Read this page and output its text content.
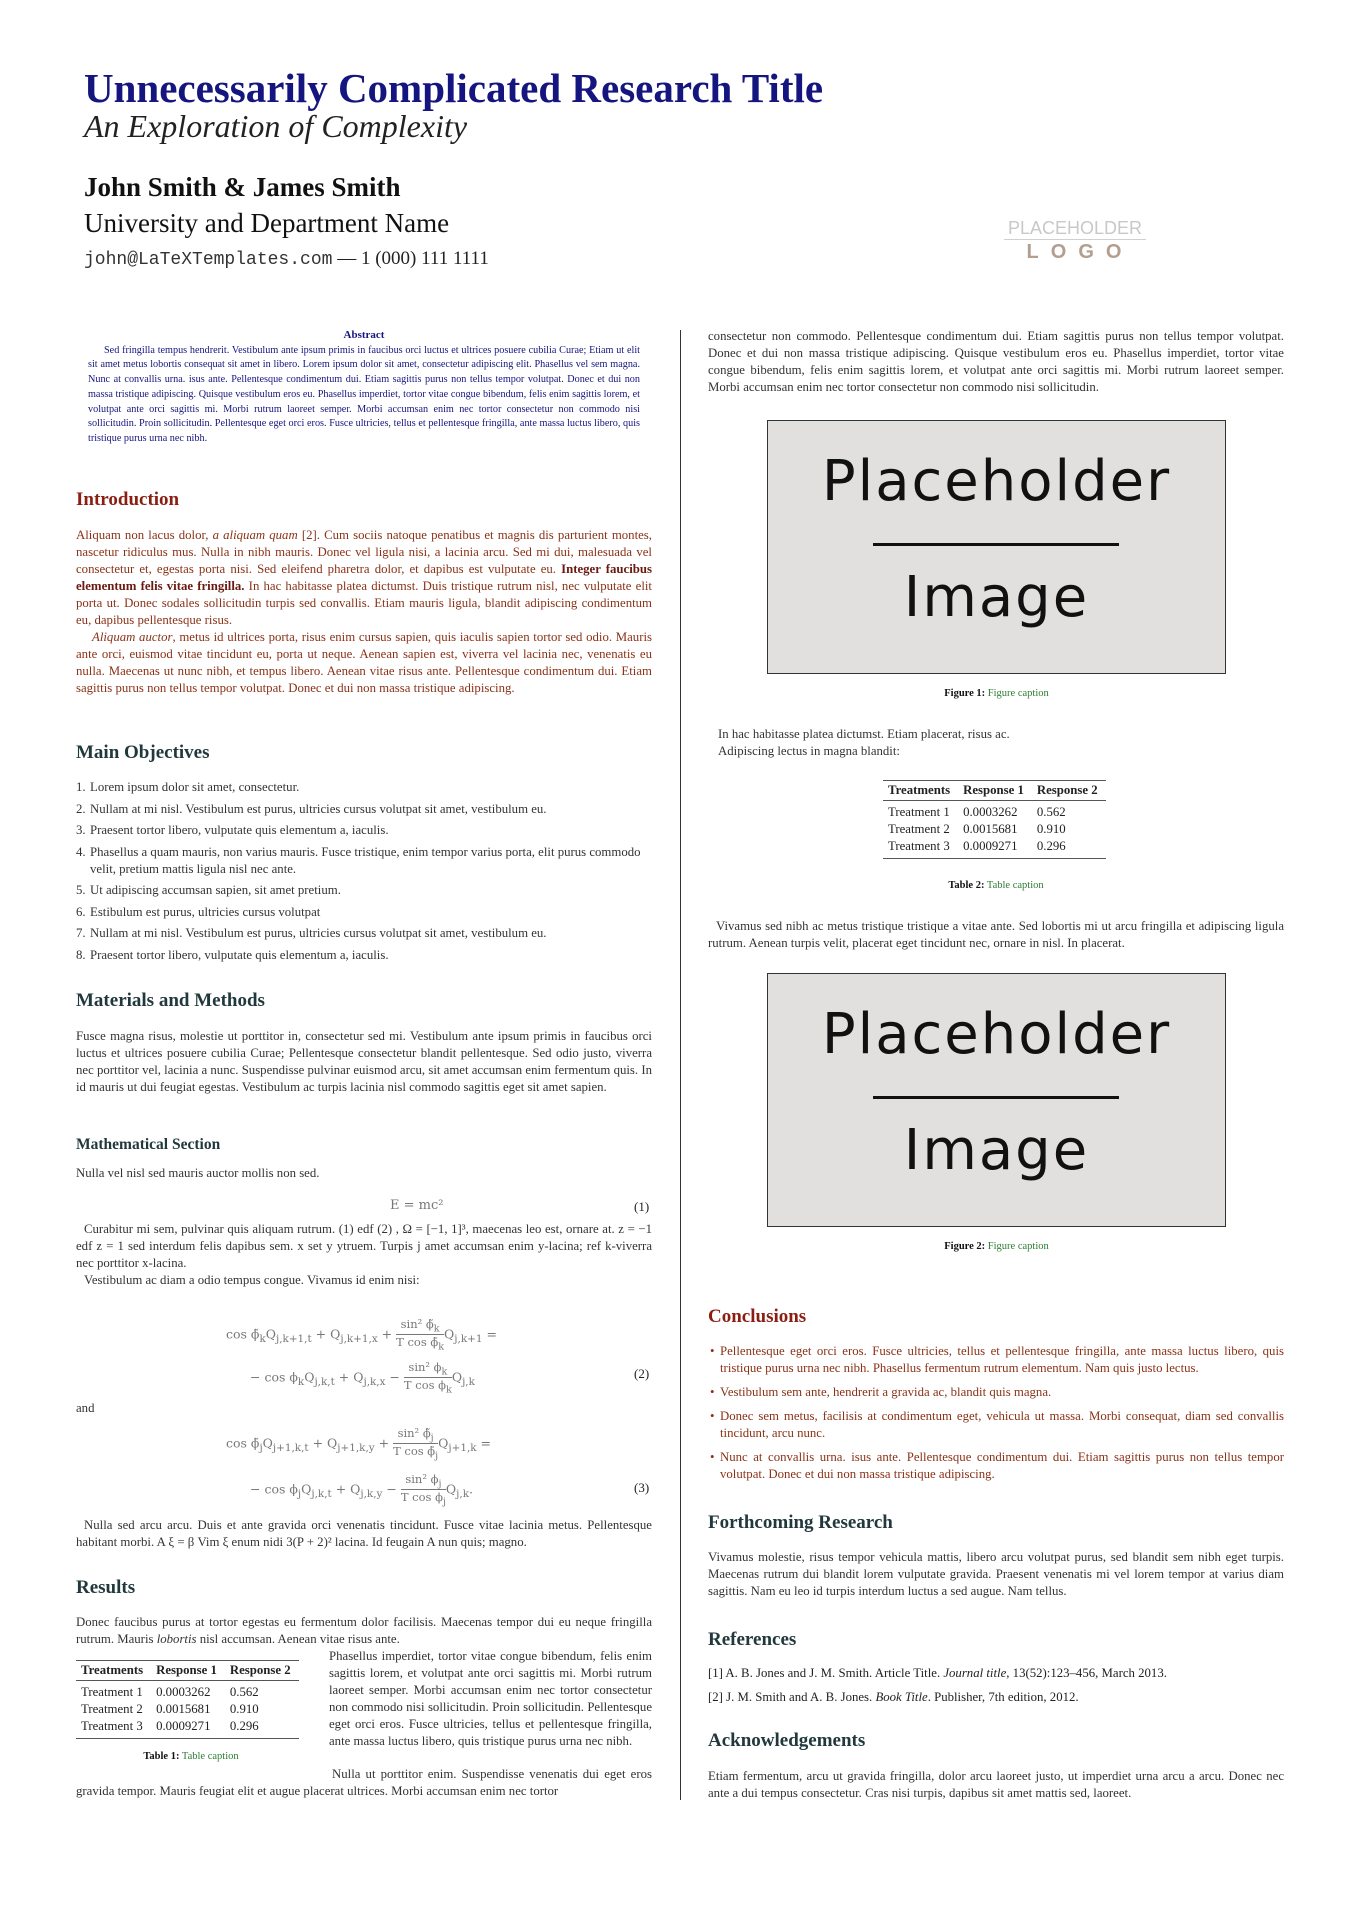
Unnecessarily Complicated Research Title
An Exploration of Complexity
John Smith & James Smith
University and Department Name
john@LaTeXTemplates.com — 1 (000) 111 1111
PLACEHOLDER
LOGO
Abstract

Sed fringilla tempus hendrerit. Vestibulum ante ipsum primis in faucibus orci luctus et ultrices posuere cubilia Curae; Etiam ut elit sit amet metus lobortis consequat sit amet in libero. Lorem ipsum dolor sit amet, consectetur adipiscing elit. Phasellus vel sem magna. Nunc at convallis urna. isus ante. Pellentesque condimentum dui. Etiam sagittis purus non tellus tempor volutpat. Donec et dui non massa tristique adipiscing. Quisque vestibulum eros eu. Phasellus imperdiet, tortor vitae congue bibendum, felis enim sagittis lorem, et volutpat ante orci sagittis mi. Morbi rutrum laoreet semper. Morbi accumsan enim nec tortor consectetur non commodo nisi sollicitudin. Proin sollicitudin. Pellentesque eget orci eros. Fusce ultricies, tellus et pellentesque fringilla, ante massa luctus libero, quis tristique purus urna nec nibh.

Introduction

Aliquam non lacus dolor, a aliquam quam [2]. Cum sociis natoque penatibus et magnis dis parturient montes, nascetur ridiculus mus. Nulla in nibh mauris. Donec vel ligula nisi, a lacinia arcu. Sed mi dui, malesuada vel consectetur et, egestas porta nisi. Sed eleifend pharetra dolor, et dapibus est vulputate eu. Integer faucibus elementum felis vitae fringilla. In hac habitasse platea dictumst. Duis tristique rutrum nisl, nec vulputate elit porta ut. Donec sodales sollicitudin turpis sed convallis. Etiam mauris ligula, blandit adipiscing condimentum eu, dapibus pellentesque risus.

Aliquam auctor, metus id ultrices porta, risus enim cursus sapien, quis iaculis sapien tortor sed odio. Mauris ante orci, euismod vitae tincidunt eu, porta ut neque. Aenean sapien est, viverra vel lacinia nec, venenatis eu nulla. Maecenas ut nunc nibh, et tempus libero. Aenean vitae risus ante. Pellentesque condimentum dui. Etiam sagittis purus non tellus tempor volutpat. Donec et dui non massa tristique adipiscing.

Main Objectives
1. Lorem ipsum dolor sit amet, consectetur.
2. Nullam at mi nisl. Vestibulum est purus, ultricies cursus volutpat sit amet, vestibulum eu.
3. Praesent tortor libero, vulputate quis elementum a, iaculis.
4. Phasellus a quam mauris, non varius mauris. Fusce tristique, enim tempor varius porta, elit purus commodo velit, pretium mattis ligula nisl nec ante.
5. Ut adipiscing accumsan sapien, sit amet pretium.
6. Estibulum est purus, ultricies cursus volutpat
7. Nullam at mi nisl. Vestibulum est purus, ultricies cursus volutpat sit amet, vestibulum eu.
8. Praesent tortor libero, vulputate quis elementum a, iaculis.
Materials and Methods

Fusce magna risus, molestie ut porttitor in, consectetur sed mi. Vestibulum ante ipsum primis in faucibus orci luctus et ultrices posuere cubilia Curae; Pellentesque consectetur blandit pellentesque. Sed odio justo, viverra nec porttitor vel, lacinia a nunc. Suspendisse pulvinar euismod arcu, sit amet accumsan enim fermentum quis. In id mauris ut dui feugiat egestas. Vestibulum ac turpis lacinia nisl commodo sagittis eget sit amet sapien.

Mathematical Section

Nulla vel nisl sed mauris auctor mollis non sed.

E = mc²	(1)

Curabitur mi sem, pulvinar quis aliquam rutrum. (1) edf (2) , Ω = [−1, 1]³, maecenas leo est, ornare at. z = −1 edf z = 1 sed interdum felis dapibus sem. x set y ytruem. Turpis j amet accumsan enim y-lacina; ref k-viverra nec porttitor x-lacina.

Vestibulum ac diam a odio tempus congue. Vivamus id enim nisi:

$\cos \phĩ_kQ_{j,k+1,t} + Q_{j,k+1,x} + \frac{\sin^2 \phĩ_k}{T \cos \phĩ_k} Q_{j,k+1}$ =
− $\cos \phi_kQ_{j,k,t} + Q_{j,k,x} - \frac{\sin^2 \phi_k}{T \cos \phi_k} Q_{j,k}$
(2)
and
$\cos \phĩ_jQ_{j+1,k,t} + Q_{j+1,k,y} + \frac{\sin^2 \phĩ_j}{T \cos \phĩ_j} Q_{j+1,k}$ =
− $\cos \phi_jQ_{j,k,t} + Q_{j,k,y} - \frac{\sin^2 \phi_j}{T \cos \phi_j} Q_{j,k}$.	(3)

Nulla sed arcu arcu. Duis et ante gravida orci venenatis tincidunt. Fusce vitae lacinia metus. Pellentesque habitant morbi. A ξ = β Vim ξ enum nidi 3(P + 2)² lacina. Id feugain A nun quis; magno.

Results

Donec faucibus purus at tortor egestas eu fermentum dolor facilisis. Maecenas tempor dui eu neque fringilla rutrum. Mauris lobortis nisl accumsan. Aenean vitae risus ante.

Treatments	Response 1	Response 2
Treatment 1	0.0003262	0.562
Treatment 2	0.0015681	0.910
Treatment 3	0.0009271	0.296
Table 1: Table caption

Phasellus imperdiet, tortor vitae congue bibendum, felis enim sagittis lorem, et volutpat ante orci sagittis mi. Morbi rutrum laoreet semper. Morbi accumsan enim nec tortor consectetur non commodo nisi sollicitudin. Proin sollicitudin. Pellentesque eget orci eros. Fusce ultricies, tellus et pellentesque fringilla, ante massa luctus libero, quis tristique purus urna nec nibh.

Nulla ut porttitor enim. Suspendisse venenatis dui eget eros gravida tempor. Mauris feugiat elit et augue placerat ultrices. Morbi accumsan enim nec tortor

consectetur non commodo. Pellentesque condimentum dui. Etiam sagittis purus non tellus tempor volutpat. Donec et dui non massa tristique adipiscing. Quisque vestibulum eros eu. Phasellus imperdiet, tortor vitae congue bibendum, felis enim sagittis lorem, et volutpat ante orci sagittis mi. Morbi rutrum laoreet semper. Morbi accumsan enim nec tortor consectetur non commodo nisi sollicitudin.

Placeholder
Image
Figure 1: Figure caption
In hac habitasse platea dictumst. Etiam placerat, risus ac. Adipiscing lectus in magna blandit:
Treatments	Response 1	Response 2
Treatment 1	0.0003262	0.562
Treatment 2	0.0015681	0.910
Treatment 3	0.0009271	0.296
Table 2: Table caption

Vivamus sed nibh ac metus tristique tristique a vitae ante. Sed lobortis mi ut arcu fringilla et adipiscing ligula rutrum. Aenean turpis velit, placerat eget tincidunt nec, ornare in nisl. In placerat.

Placeholder
Image
Figure 2: Figure caption
Conclusions
• Pellentesque eget orci eros. Fusce ultricies, tellus et pellentesque fringilla, ante massa luctus libero, quis tristique purus urna nec nibh. Phasellus fermentum rutrum elementum. Nam quis justo lectus.
• Vestibulum sem ante, hendrerit a gravida ac, blandit quis magna.
• Donec sem metus, facilisis at condimentum eget, vehicula ut massa. Morbi consequat, diam sed convallis tincidunt, arcu nunc.
• Nunc at convallis urna. isus ante. Pellentesque condimentum dui. Etiam sagittis purus non tellus tempor volutpat. Donec et dui non massa tristique adipiscing.
Forthcoming Research

Vivamus molestie, risus tempor vehicula mattis, libero arcu volutpat purus, sed blandit sem nibh eget turpis. Maecenas rutrum dui blandit lorem vulputate gravida. Praesent venenatis mi vel lorem tempor at varius diam sagittis. Nam eu leo id turpis interdum luctus a sed augue. Nam tellus.

References
[1] A. B. Jones and J. M. Smith. Article Title. Journal title, 13(52):123–456, March 2013.
[2] J. M. Smith and A. B. Jones. Book Title. Publisher, 7th edition, 2012.
Acknowledgements

Etiam fermentum, arcu ut gravida fringilla, dolor arcu laoreet justo, ut imperdiet urna arcu a arcu. Donec nec ante a dui tempus consectetur. Cras nisi turpis, dapibus sit amet mattis sed, laoreet.
